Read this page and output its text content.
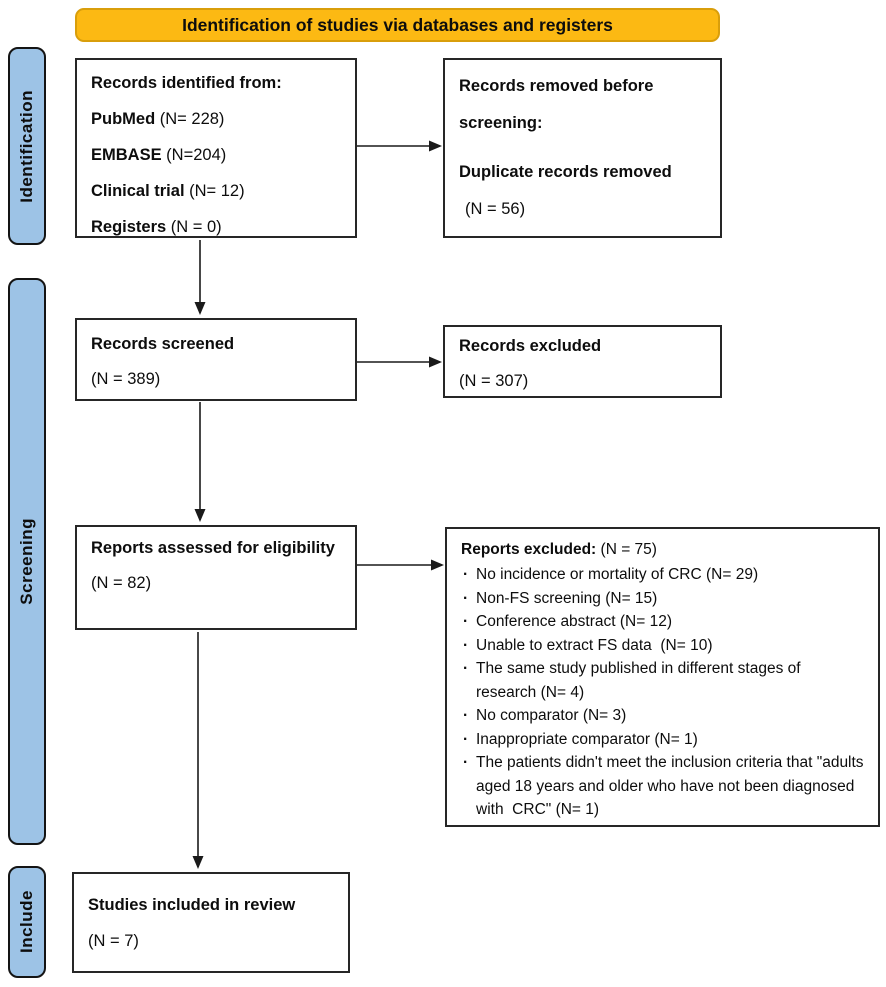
Identification of studies via databases and registers
Identification
Screening
Include
Records identified from:
PubMed (N= 228)
EMBASE (N=204)
Clinical trial (N= 12)
Registers (N = 0)
Records removed before screening:
Duplicate records removed
(N = 56)
Records screened
(N = 389)
Records excluded
(N = 307)
Reports assessed for eligibility
(N = 82)
Reports excluded: (N = 75)
· No incidence or mortality of CRC (N= 29)
· Non-FS screening (N= 15)
· Conference abstract (N= 12)
· Unable to extract FS data  (N= 10)
· The same study published in different stages of research (N= 4)
· No comparator (N= 3)
· Inappropriate comparator (N= 1)
· The patients didn't meet the inclusion criteria that "adults aged 18 years and older who have not been diagnosed with  CRC" (N= 1)
Studies included in review
(N = 7)
